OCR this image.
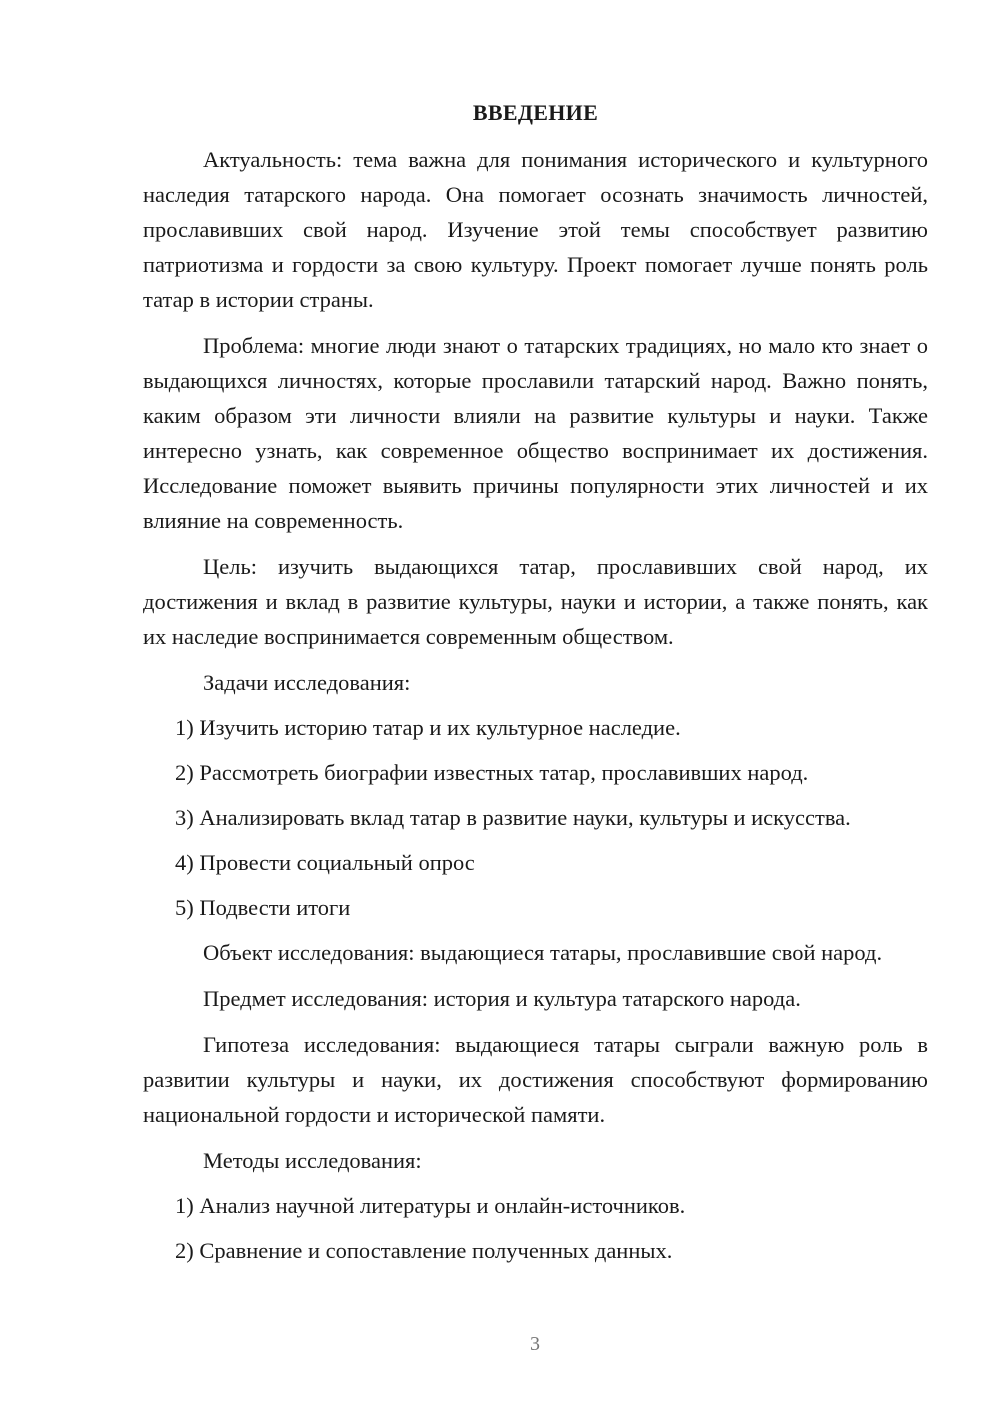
ВВЕДЕНИЕ

Актуальность: тема важна для понимания исторического и культурного наследия татарского народа. Она помогает осознать значимость личностей, прославивших свой народ. Изучение этой темы способствует развитию патриотизма и гордости за свою культуру. Проект помогает лучше понять роль татар в истории страны.

Проблема: многие люди знают о татарских традициях, но мало кто знает о выдающихся личностях, которые прославили татарский народ. Важно понять, каким образом эти личности влияли на развитие культуры и науки. Также интересно узнать, как современное общество воспринимает их достижения. Исследование поможет выявить причины популярности этих личностей и их влияние на современность.

Цель: изучить выдающихся татар, прославивших свой народ, их достижения и вклад в развитие культуры, науки и истории, а также понять, как их наследие воспринимается современным обществом.

Задачи исследования:

1) Изучить историю татар и их культурное наследие.
2) Рассмотреть биографии известных татар, прославивших народ.
3) Анализировать вклад татар в развитие науки, культуры и искусства.
4) Провести социальный опрос
5) Подвести итоги

Объект исследования: выдающиеся татары, прославившие свой народ.

Предмет исследования: история и культура татарского народа.

Гипотеза исследования: выдающиеся татары сыграли важную роль в развитии культуры и науки, их достижения способствуют формированию национальной гордости и исторической памяти.

Методы исследования:

1) Анализ научной литературы и онлайн-источников.
2) Сравнение и сопоставление полученных данных.
3
